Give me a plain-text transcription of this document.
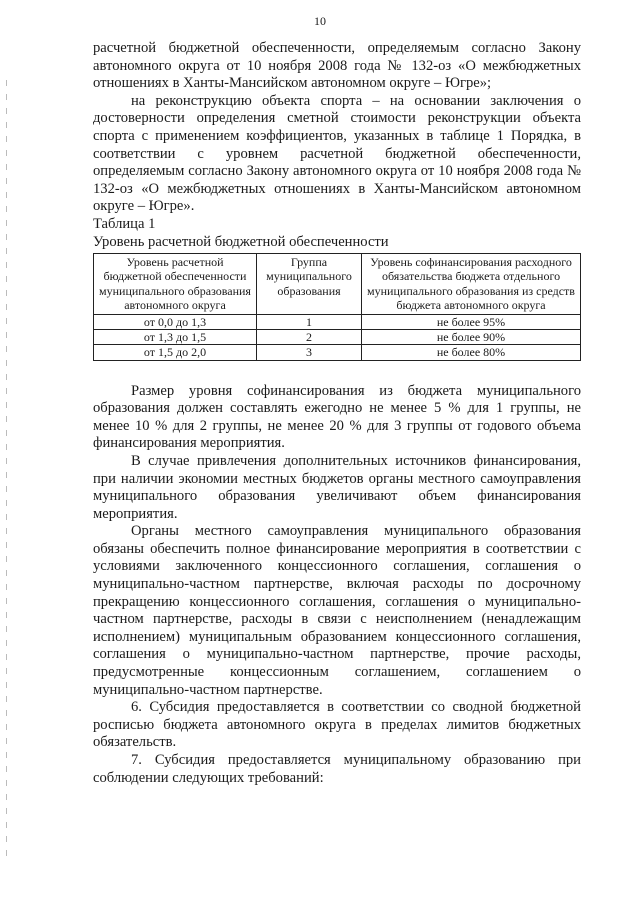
10

расчетной бюджетной обеспеченности, определяемым согласно Закону автономного округа от 10 ноября 2008 года № 132-оз «О межбюджетных отношениях в Ханты-Мансийском автономном округе – Югре»;

на реконструкцию объекта спорта – на основании заключения о достоверности определения сметной стоимости реконструкции объекта спорта с применением коэффициентов, указанных в таблице 1 Порядка, в соответствии с уровнем расчетной бюджетной обеспеченности, определяемым согласно Закону автономного округа от 10 ноября 2008 года № 132-оз «О межбюджетных отношениях в Ханты-Мансийском автономном округе – Югре».

Таблица 1

Уровень расчетной бюджетной обеспеченности

Уровень расчетной бюджетной обеспеченности муниципального образования автономного округа	Группа муниципального образования	Уровень софинансирования расходного обязательства бюджета отдельного муниципального образования из средств бюджета автономного округа
от 0,0 до 1,3	1	не более 95%
от 1,3 до 1,5	2	не более 90%
от 1,5 до 2,0	3	не более 80%

Размер уровня софинансирования из бюджета муниципального образования должен составлять ежегодно не менее 5 % для 1 группы, не менее 10 % для 2 группы, не менее 20 % для 3 группы от годового объема финансирования мероприятия.

В случае привлечения дополнительных источников финансирования, при наличии экономии местных бюджетов органы местного самоуправления муниципального образования увеличивают объем финансирования мероприятия.

Органы местного самоуправления муниципального образования обязаны обеспечить полное финансирование мероприятия в соответствии с условиями заключенного концессионного соглашения, соглашения о муниципально-частном партнерстве, включая расходы по досрочному прекращению концессионного соглашения, соглашения о муниципально-частном партнерстве, расходы в связи с неисполнением (ненадлежащим исполнением) муниципальным образованием концессионного соглашения, соглашения о муниципально-частном партнерстве, прочие расходы, предусмотренные концессионным соглашением, соглашением о муниципально-частном партнерстве.

6. Субсидия предоставляется в соответствии со сводной бюджетной росписью бюджета автономного округа в пределах лимитов бюджетных обязательств.

7. Субсидия предоставляется муниципальному образованию при соблюдении следующих требований:
